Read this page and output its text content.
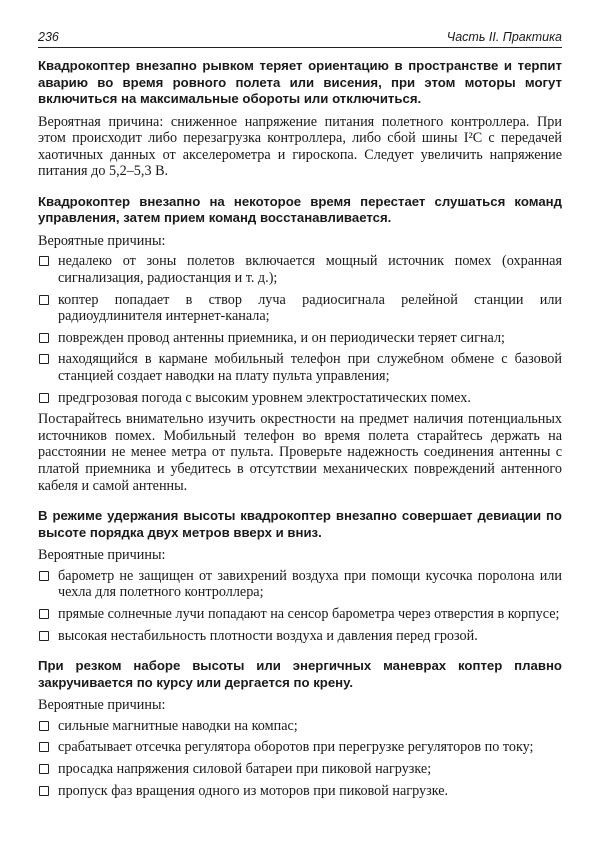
236	Часть II. Практика

Квадрокоптер внезапно рывком теряет ориентацию в пространстве и терпит аварию во время ровного полета или висения, при этом моторы могут включиться на максимальные обороты или отключиться.

Вероятная причина: сниженное напряжение питания полетного контроллера. При этом происходит либо перезагрузка контроллера, либо сбой шины I²C с передачей хаотичных данных от акселерометра и гироскопа. Следует увеличить напряжение питания до 5,2–5,3 В.

Квадрокоптер внезапно на некоторое время перестает слушаться команд управления, затем прием команд восстанавливается.

Вероятные причины:

недалеко от зоны полетов включается мощный источник помех (охранная сигнализация, радиостанция и т. д.);
коптер попадает в створ луча радиосигнала релейной станции или радиоудлинителя интернет-канала;
поврежден провод антенны приемника, и он периодически теряет сигнал;
находящийся в кармане мобильный телефон при служебном обмене с базовой станцией создает наводки на плату пульта управления;
предгрозовая погода с высоким уровнем электростатических помех.

Постарайтесь внимательно изучить окрестности на предмет наличия потенциальных источников помех. Мобильный телефон во время полета старайтесь держать на расстоянии не менее метра от пульта. Проверьте надежность соединения антенны с платой приемника и убедитесь в отсутствии механических повреждений антенного кабеля и самой антенны.

В режиме удержания высоты квадрокоптер внезапно совершает девиации по высоте порядка двух метров вверх и вниз.

Вероятные причины:

барометр не защищен от завихрений воздуха при помощи кусочка поролона или чехла для полетного контроллера;
прямые солнечные лучи попадают на сенсор барометра через отверстия в корпусе;
высокая нестабильность плотности воздуха и давления перед грозой.

При резком наборе высоты или энергичных маневрах коптер плавно закручивается по курсу или дергается по крену.

Вероятные причины:

сильные магнитные наводки на компас;
срабатывает отсечка регулятора оборотов при перегрузке регуляторов по току;
просадка напряжения силовой батареи при пиковой нагрузке;
пропуск фаз вращения одного из моторов при пиковой нагрузке.
